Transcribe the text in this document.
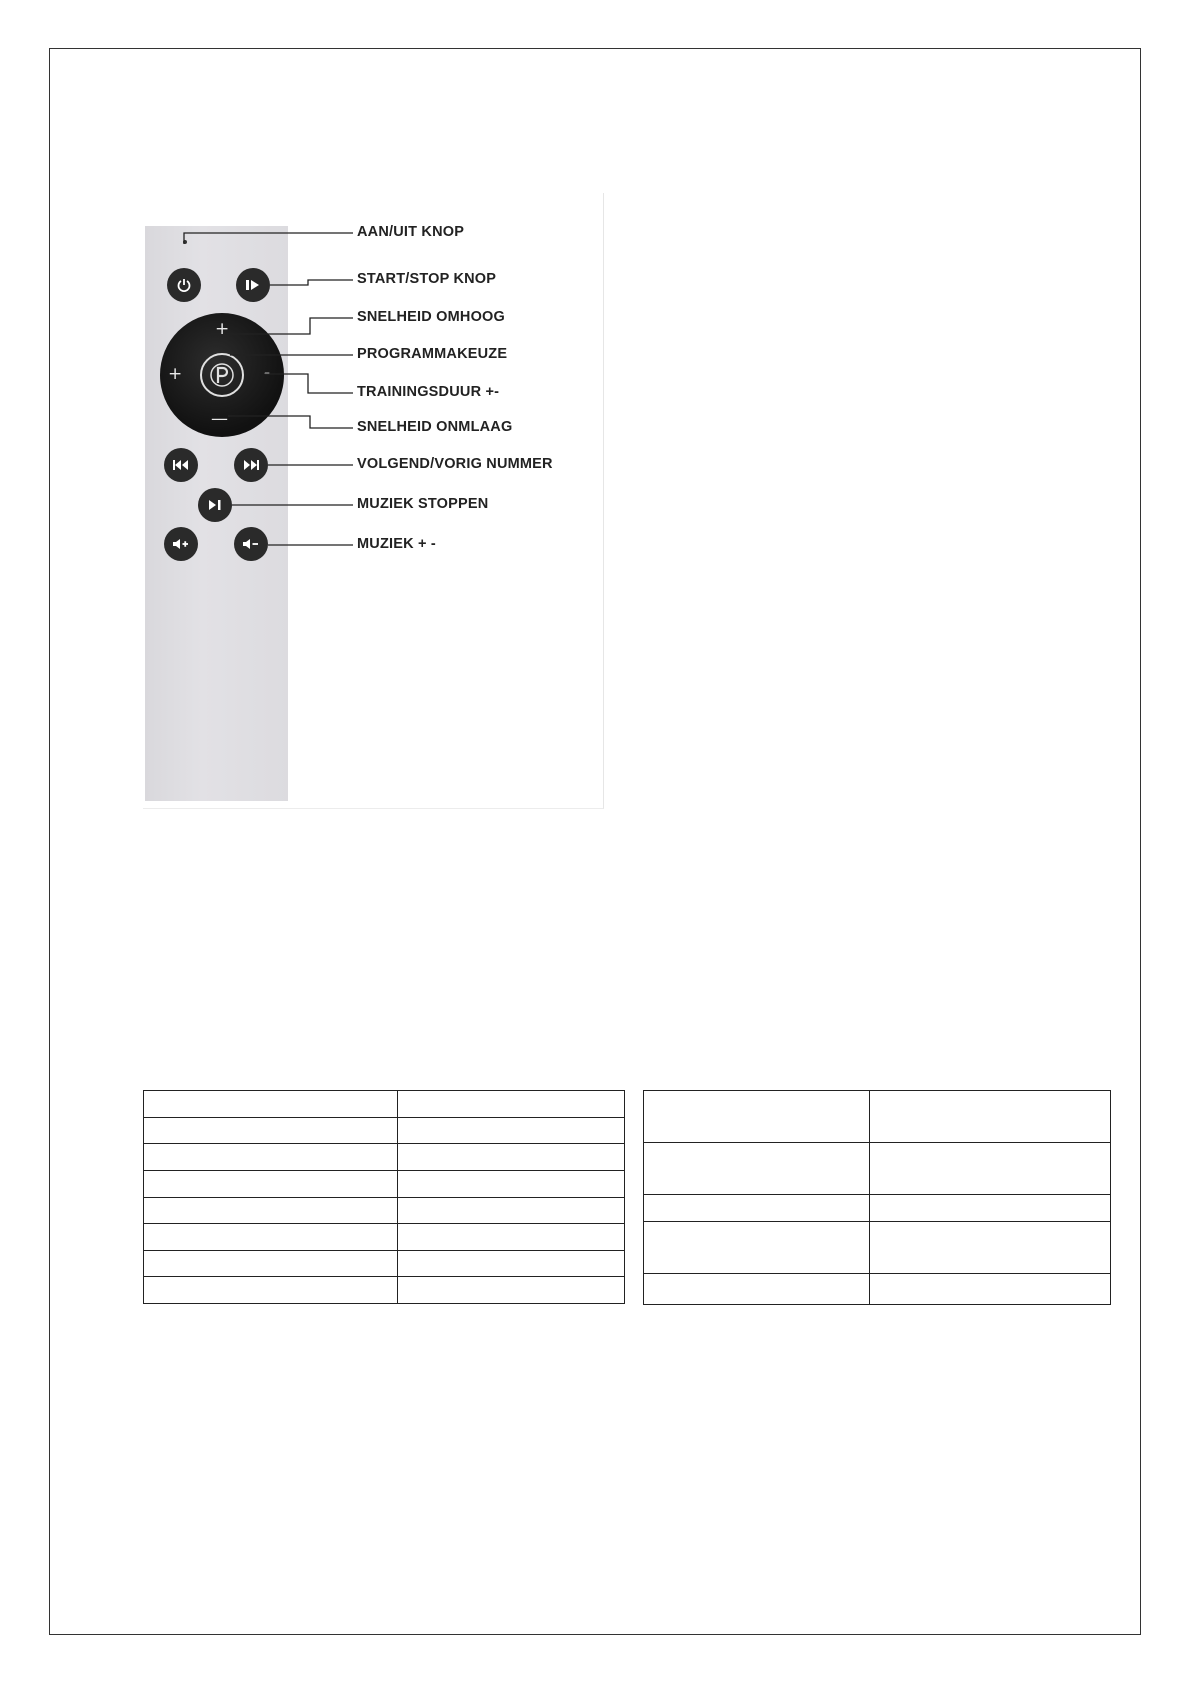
+
+	-
—
AAN/UIT KNOP
START/STOP KNOP
SNELHEID OMHOOG
PROGRAMMAKEUZE
TRAININGSDUUR +-
SNELHEID ONMLAAG
VOLGEND/VORIG NUMMER
MUZIEK STOPPEN
MUZIEK + -
